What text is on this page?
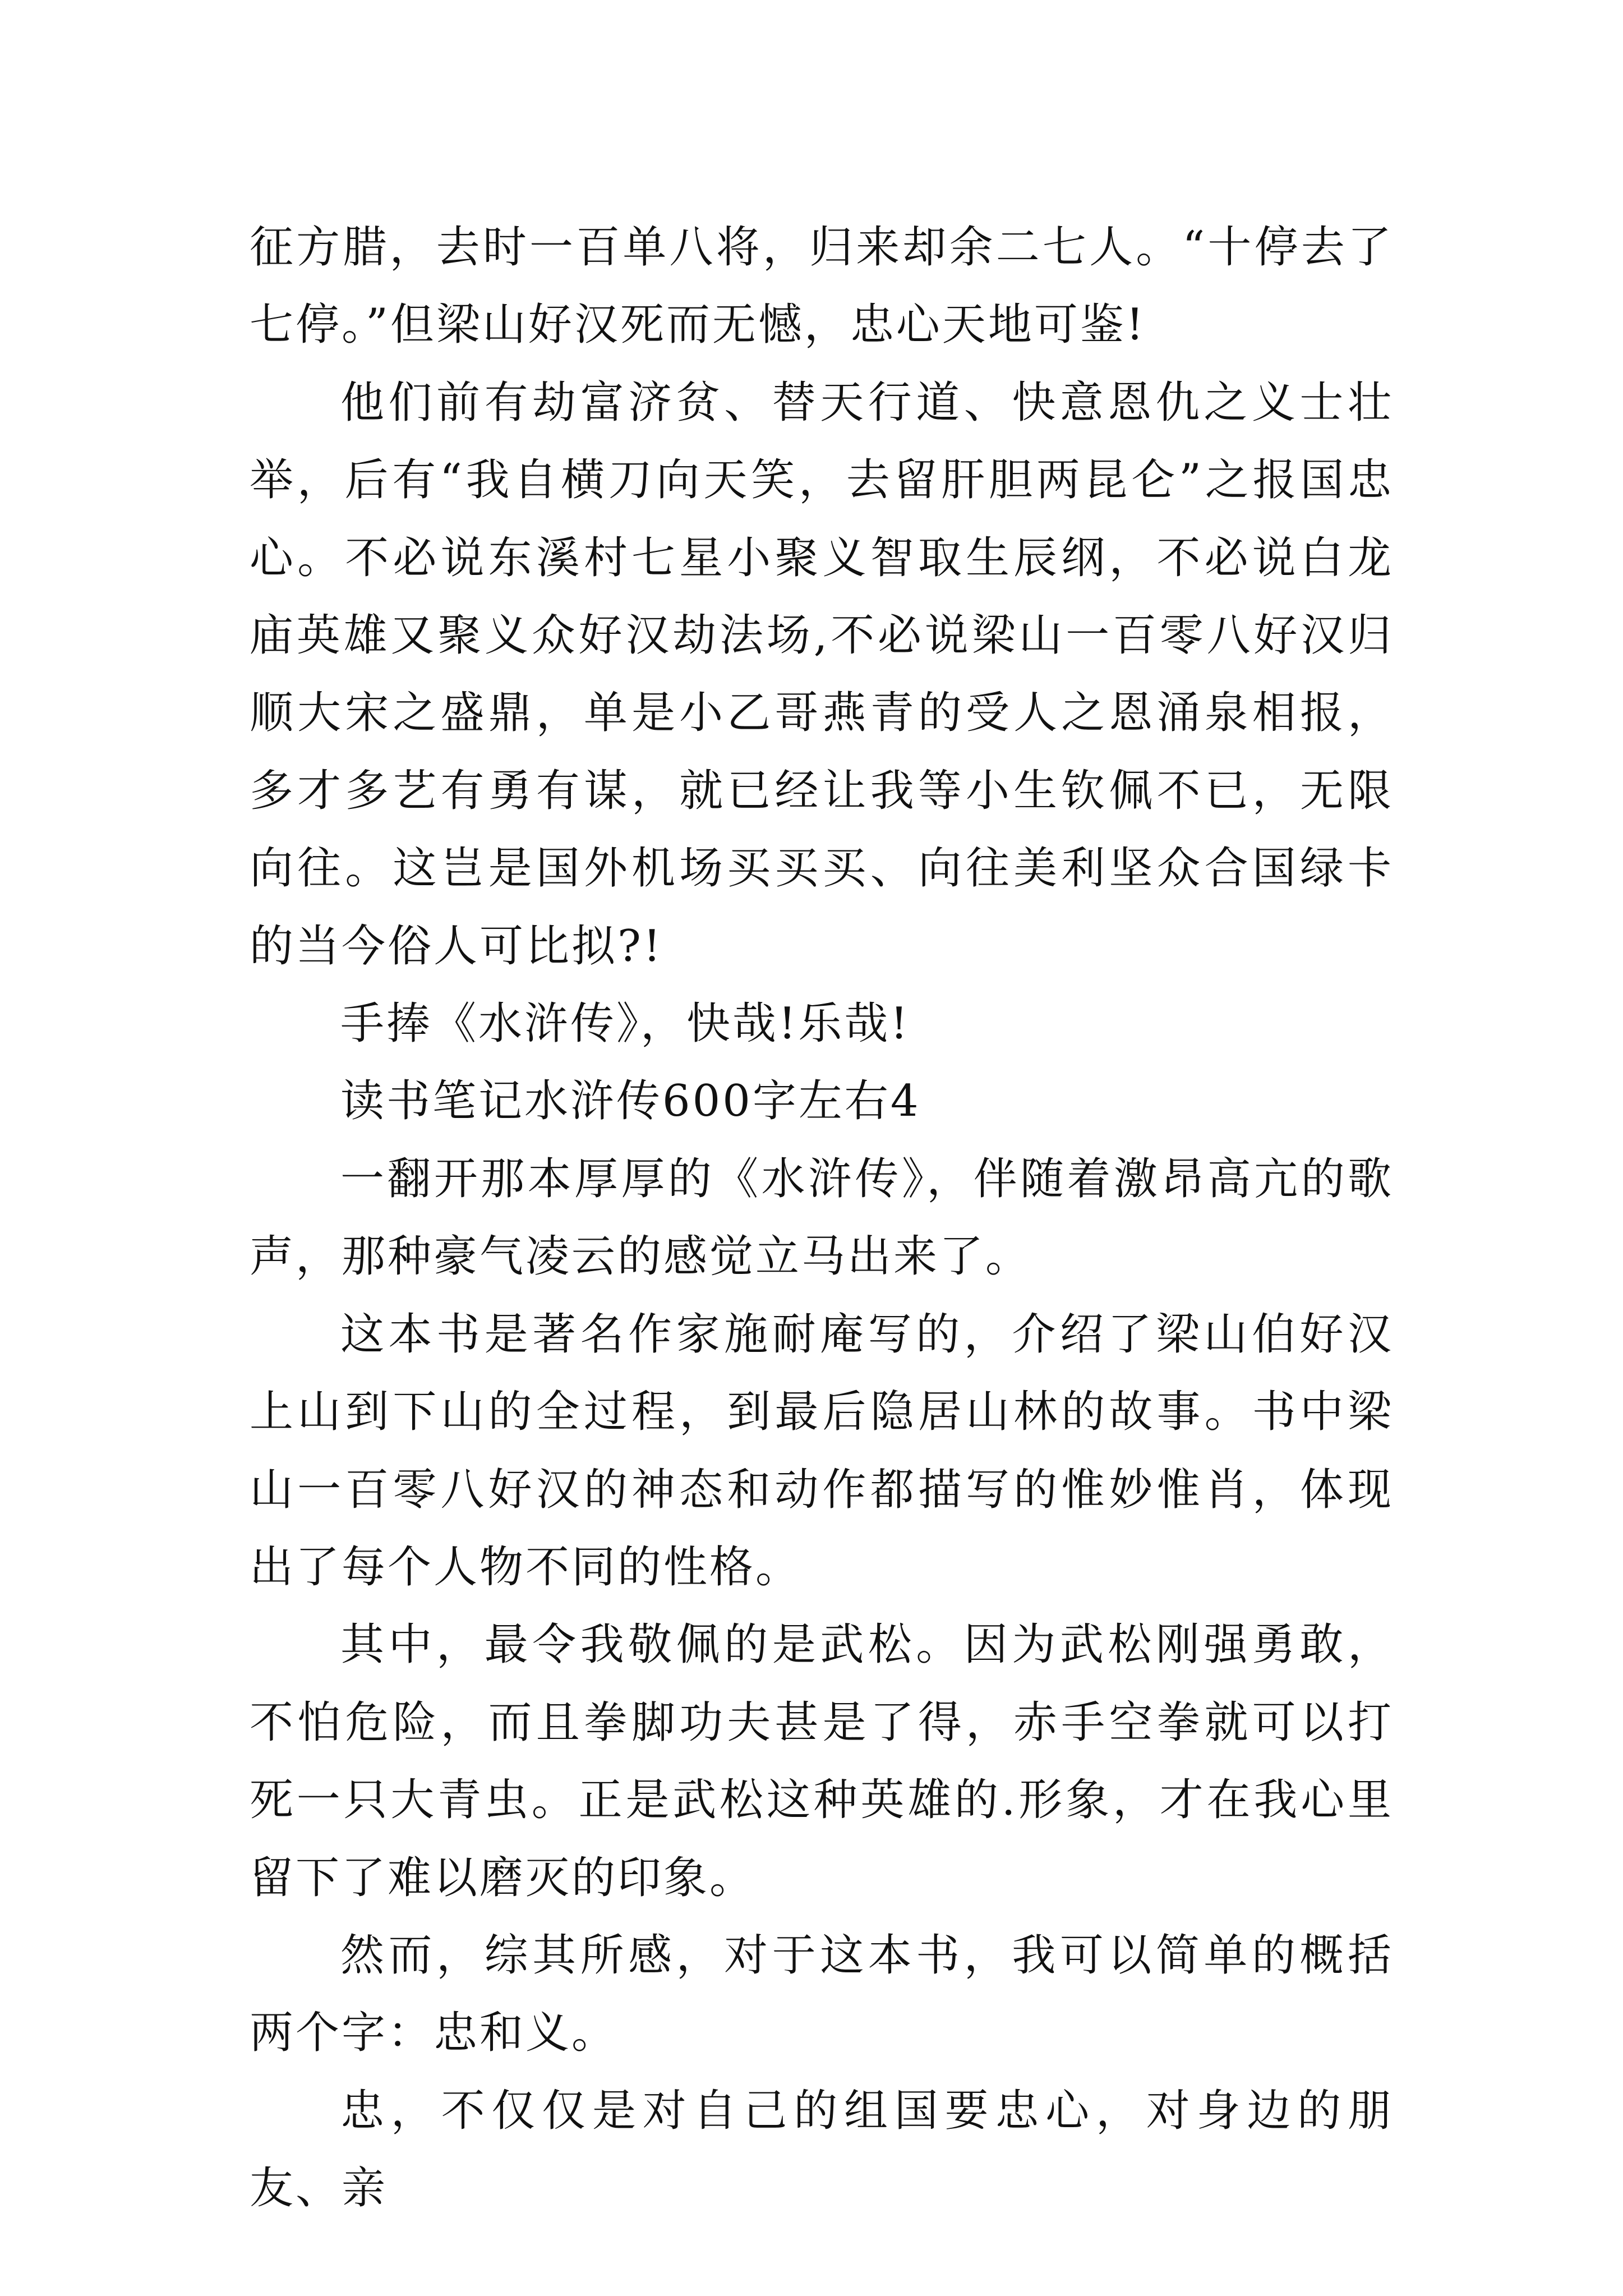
征方腊，去时一百单八将，归来却余二七人。“十停去了七停。”但梁山好汉死而无憾，忠心天地可鉴!

他们前有劫富济贫、替天行道、快意恩仇之义士壮举，后有“我自横刀向天笑，去留肝胆两昆仑”之报国忠心。不必说东溪村七星小聚义智取生辰纲，不必说白龙庙英雄又聚义众好汉劫法场,不必说梁山一百零八好汉归顺大宋之盛鼎，单是小乙哥燕青的受人之恩涌泉相报，多才多艺有勇有谋，就已经让我等小生钦佩不已，无限向往。这岂是国外机场买买买、向往美利坚众合国绿卡的当今俗人可比拟?!

手捧《水浒传》，快哉!乐哉!

读书笔记水浒传600字左右4

一翻开那本厚厚的《水浒传》，伴随着激昂高亢的歌声，那种豪气凌云的感觉立马出来了。

这本书是著名作家施耐庵写的，介绍了梁山伯好汉上山到下山的全过程，到最后隐居山林的故事。书中梁山一百零八好汉的神态和动作都描写的惟妙惟肖，体现出了每个人物不同的性格。

其中，最令我敬佩的是武松。因为武松刚强勇敢，不怕危险，而且拳脚功夫甚是了得，赤手空拳就可以打死一只大青虫。正是武松这种英雄的.形象，才在我心里留下了难以磨灭的印象。

然而，综其所感，对于这本书，我可以简单的概括两个字：忠和义。

忠，不仅仅是对自己的组国要忠心，对身边的朋友、亲
